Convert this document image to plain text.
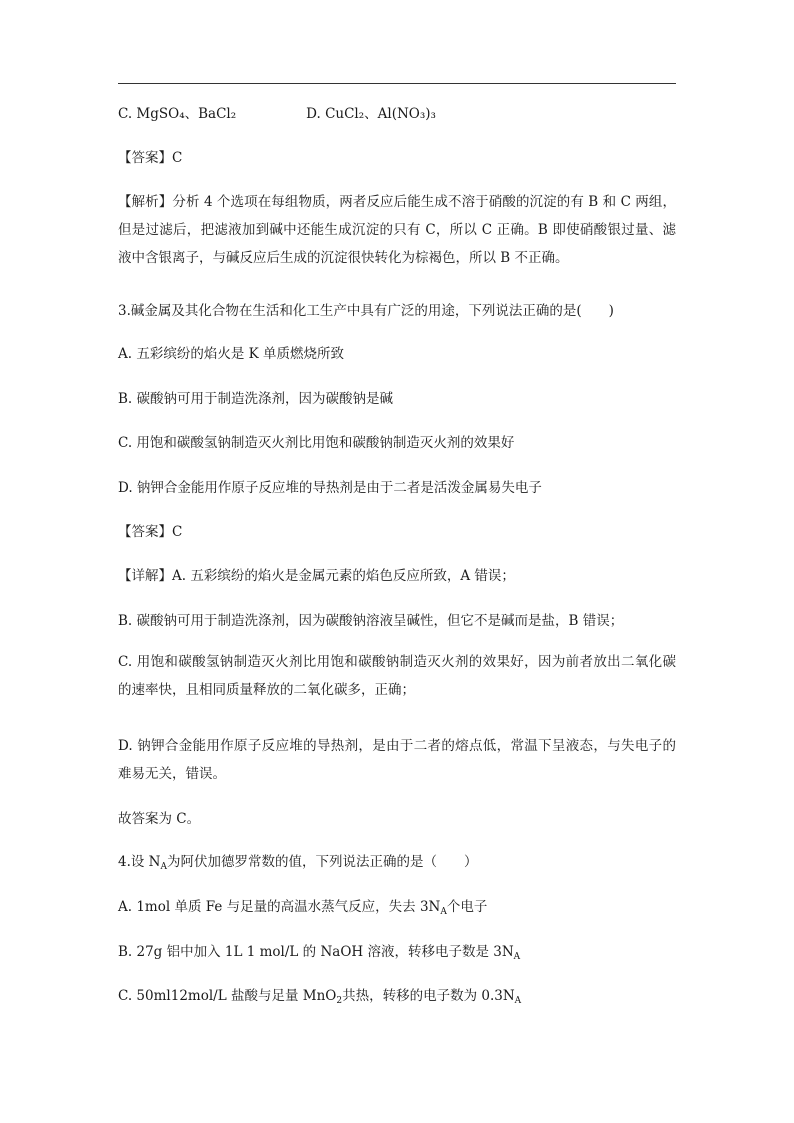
C. MgSO₄、BaCl₂	D. CuCl₂、Al(NO₃)₃
【答案】C
【解析】分析 4 个选项在每组物质，两者反应后能生成不溶于硝酸的沉淀的有 B 和 C 两组，但是过滤后，把滤液加到碱中还能生成沉淀的只有 C，所以 C 正确。B 即使硝酸银过量、滤液中含银离子，与碱反应后生成的沉淀很快转化为棕褐色，所以 B 不正确。
3.碱金属及其化合物在生活和化工生产中具有广泛的用途，下列说法正确的是(　　)
A. 五彩缤纷的焰火是 K 单质燃烧所致
B. 碳酸钠可用于制造洗涤剂，因为碳酸钠是碱
C. 用饱和碳酸氢钠制造灭火剂比用饱和碳酸钠制造灭火剂的效果好
D. 钠钾合金能用作原子反应堆的导热剂是由于二者是活泼金属易失电子
【答案】C
【详解】A. 五彩缤纷的焰火是金属元素的焰色反应所致，A 错误；
B. 碳酸钠可用于制造洗涤剂，因为碳酸钠溶液呈碱性，但它不是碱而是盐，B 错误；
C. 用饱和碳酸氢钠制造灭火剂比用饱和碳酸钠制造灭火剂的效果好，因为前者放出二氧化碳的速率快，且相同质量释放的二氧化碳多，正确；
D. 钠钾合金能用作原子反应堆的导热剂，是由于二者的熔点低，常温下呈液态，与失电子的难易无关，错误。
故答案为 C。
4.设 $N_A$为阿伏加德罗常数的值，下列说法正确的是（　　）
A. 1mol 单质 Fe 与足量的高温水蒸气反应，失去 $3N_A$个电子
B. 27g 铝中加入 1L 1 mol/L 的 NaOH 溶液，转移电子数是 $3N_A$
C. 50ml12mol/L 盐酸与足量 MnO$_2$共热，转移的电子数为 $0.3N_A$
